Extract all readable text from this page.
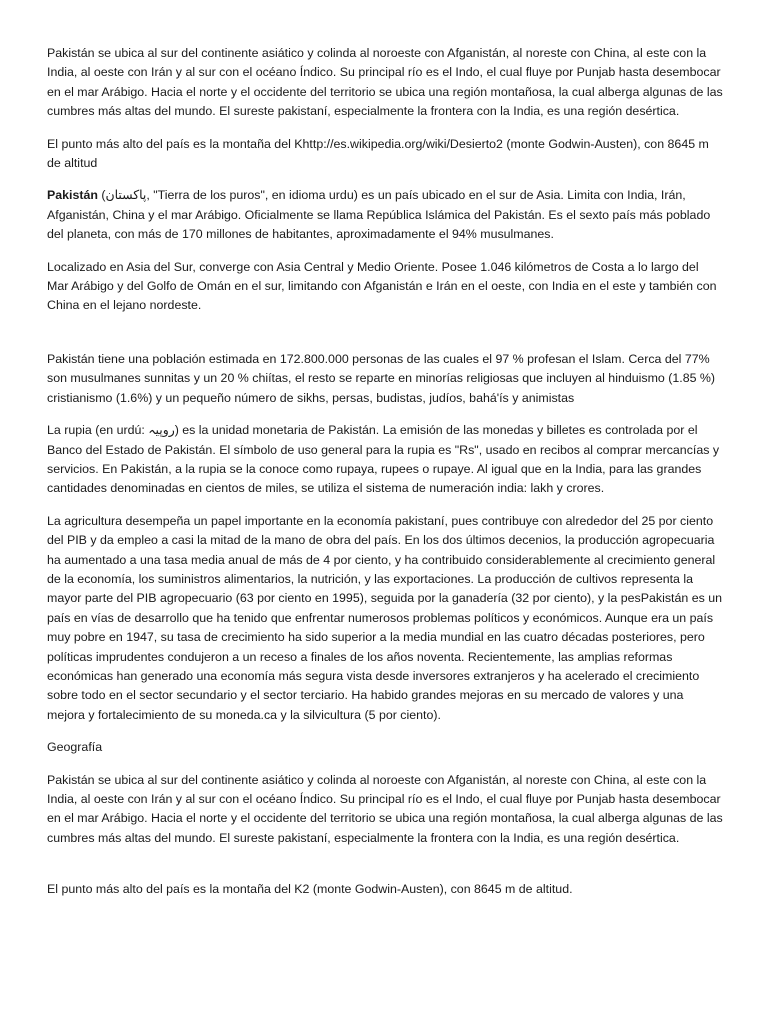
Pakistán se ubica al sur del continente asiático y colinda al noroeste con Afganistán, al noreste con China, al este con la India, al oeste con Irán y al sur con el océano Índico. Su principal río es el Indo, el cual fluye por Punjab hasta desembocar en el mar Arábigo. Hacia el norte y el occidente del territorio se ubica una región montañosa, la cual alberga algunas de las cumbres más altas del mundo. El sureste pakistaní, especialmente la frontera con la India, es una región desértica.

El punto más alto del país es la montaña del Khttp://es.wikipedia.org/wiki/Desierto2 (monte Godwin-Austen), con 8645 m de altitud

Pakistán (پاکستان, "Tierra de los puros", en idioma urdu) es un país ubicado en el sur de Asia. Limita con India, Irán, Afganistán, China y el mar Arábigo. Oficialmente se llama República Islámica del Pakistán. Es el sexto país más poblado del planeta, con más de 170 millones de habitantes, aproximadamente el 94% musulmanes.

Localizado en Asia del Sur, converge con Asia Central y Medio Oriente. Posee 1.046 kilómetros de Costa a lo largo del Mar Arábigo y del Golfo de Omán en el sur, limitando con Afganistán e Irán en el oeste, con India en el este y también con China en el lejano nordeste.

Pakistán tiene una población estimada en 172.800.000 personas de las cuales el 97 % profesan el Islam. Cerca del 77% son musulmanes sunnitas y un 20 % chiítas, el resto se reparte en minorías religiosas que incluyen al hinduismo (1.85 %) cristianismo (1.6%) y un pequeño número de sikhs, persas, budistas, judíos, bahá'ís y animistas

La rupia (en urdú: روپیہ) es la unidad monetaria de Pakistán. La emisión de las monedas y billetes es controlada por el Banco del Estado de Pakistán. El símbolo de uso general para la rupia es "Rs", usado en recibos al comprar mercancías y servicios. En Pakistán, a la rupia se la conoce como rupaya, rupees o rupaye. Al igual que en la India, para las grandes cantidades denominadas en cientos de miles, se utiliza el sistema de numeración india: lakh y crores.

La agricultura desempeña un papel importante en la economía pakistaní, pues contribuye con alrededor del 25 por ciento del PIB y da empleo a casi la mitad de la mano de obra del país. En los dos últimos decenios, la producción agropecuaria ha aumentado a una tasa media anual de más de 4 por ciento, y ha contribuido considerablemente al crecimiento general de la economía, los suministros alimentarios, la nutrición, y las exportaciones. La producción de cultivos representa la mayor parte del PIB agropecuario (63 por ciento en 1995), seguida por la ganadería (32 por ciento), y la pesPakistán es un país en vías de desarrollo que ha tenido que enfrentar numerosos problemas políticos y económicos. Aunque era un país muy pobre en 1947, su tasa de crecimiento ha sido superior a la media mundial en las cuatro décadas posteriores, pero políticas imprudentes condujeron a un receso a finales de los años noventa. Recientemente, las amplias reformas económicas han generado una economía más segura vista desde inversores extranjeros y ha acelerado el crecimiento sobre todo en el sector secundario y el sector terciario. Ha habido grandes mejoras en su mercado de valores y una mejora y fortalecimiento de su moneda.ca y la silvicultura (5 por ciento).

Geografía

Pakistán se ubica al sur del continente asiático y colinda al noroeste con Afganistán, al noreste con China, al este con la India, al oeste con Irán y al sur con el océano Índico. Su principal río es el Indo, el cual fluye por Punjab hasta desembocar en el mar Arábigo. Hacia el norte y el occidente del territorio se ubica una región montañosa, la cual alberga algunas de las cumbres más altas del mundo. El sureste pakistaní, especialmente la frontera con la India, es una región desértica.

El punto más alto del país es la montaña del K2 (monte Godwin-Austen), con 8645 m de altitud.
